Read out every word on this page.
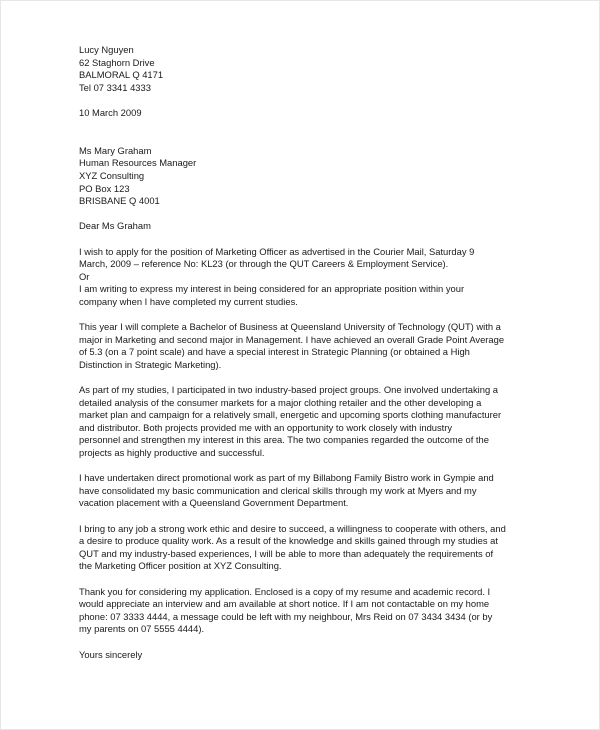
Lucy Nguyen
62 Staghorn Drive
BALMORAL Q 4171
Tel 07 3341 4333
10 March 2009
Ms Mary Graham
Human Resources Manager
XYZ Consulting
PO Box 123
BRISBANE Q 4001
Dear Ms Graham
I wish to apply for the position of Marketing Officer as advertised in the Courier Mail, Saturday 9
March, 2009 – reference No: KL23 (or through the QUT Careers & Employment Service).
Or
I am writing to express my interest in being considered for an appropriate position within your
company when I have completed my current studies.
This year I will complete a Bachelor of Business at Queensland University of Technology (QUT) with a
major in Marketing and second major in Management. I have achieved an overall Grade Point Average
of 5.3 (on a 7 point scale) and have a special interest in Strategic Planning (or obtained a High
Distinction in Strategic Marketing).
As part of my studies, I participated in two industry-based project groups. One involved undertaking a
detailed analysis of the consumer markets for a major clothing retailer and the other developing a
market plan and campaign for a relatively small, energetic and upcoming sports clothing manufacturer
and distributor. Both projects provided me with an opportunity to work closely with industry
personnel and strengthen my interest in this area. The two companies regarded the outcome of the
projects as highly productive and successful.
I have undertaken direct promotional work as part of my Billabong Family Bistro work in Gympie and
have consolidated my basic communication and clerical skills through my work at Myers and my
vacation placement with a Queensland Government Department.
I bring to any job a strong work ethic and desire to succeed, a willingness to cooperate with others, and
a desire to produce quality work. As a result of the knowledge and skills gained through my studies at
QUT and my industry-based experiences, I will be able to more than adequately the requirements of
the Marketing Officer position at XYZ Consulting.
Thank you for considering my application. Enclosed is a copy of my resume and academic record. I
would appreciate an interview and am available at short notice. If I am not contactable on my home
phone: 07 3333 4444, a message could be left with my neighbour, Mrs Reid on 07 3434 3434 (or by
my parents on 07 5555 4444).
Yours sincerely
